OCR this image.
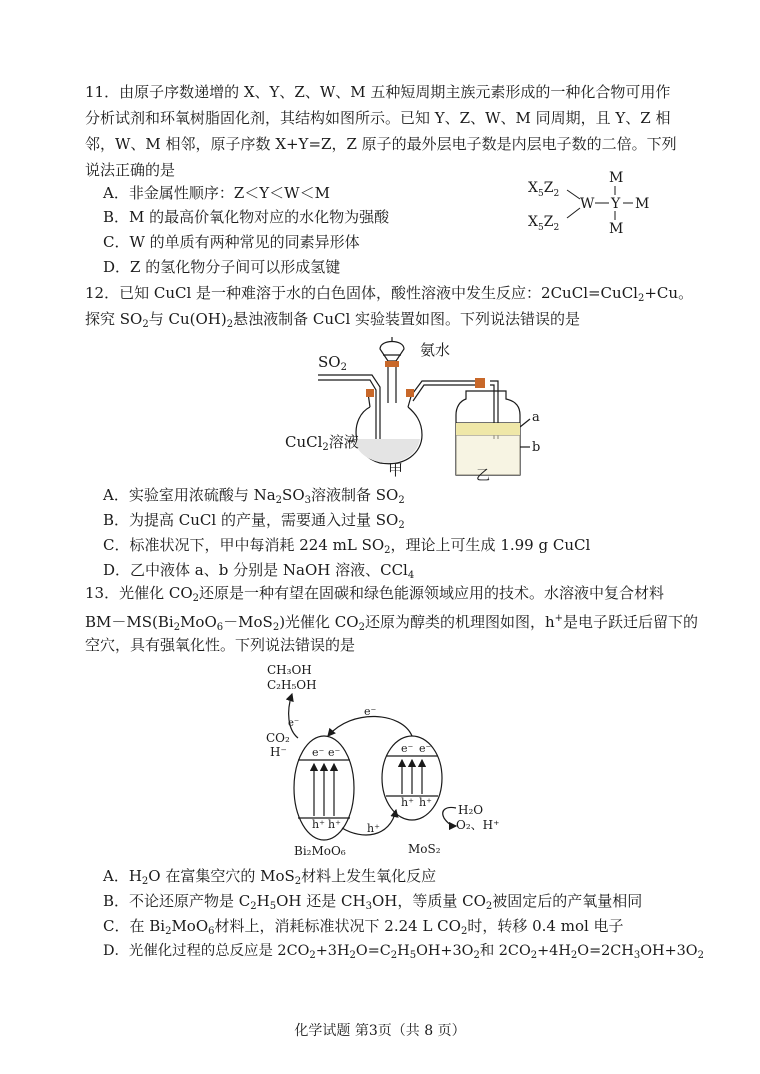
11．由原子序数递增的 X、Y、Z、W、M 五种短周期主族元素形成的一种化合物可用作
分析试剂和环氧树脂固化剂，其结构如图所示。已知 Y、Z、W、M 同周期，且 Y、Z 相
邻，W、M 相邻，原子序数 X+Y=Z，Z 原子的最外层电子数是内层电子数的二倍。下列
说法正确的是
A．非金属性顺序：Z＜Y＜W＜M
B．M 的最高价氧化物对应的水化物为强酸
C．W 的单质有两种常见的同素异形体
D．Z 的氢化物分子间可以形成氢键
$X_5Z_2$
$X_5Z_2$
W Y
M
M
M
12．已知 CuCl 是一种难溶于水的白色固体，酸性溶液中发生反应：2CuCl=CuCl$_2$+Cu。
探究 $SO_2$与 $Cu(OH)_2$悬浊液制备 CuCl 实验装置如图。下列说法错误的是
$SO_2$
氨水
CuCl$_2$溶液
甲	乙
a
b
A．实验室用浓硫酸与 $Na_2SO_3$溶液制备 $SO_2$
B．为提高 CuCl 的产量，需要通入过量 $SO_2$
C．标准状况下，甲中每消耗 224 mL $SO_2$，理论上可生成 1.99 g CuCl
D．乙中液体 a、b 分别是 NaOH 溶液、CCl$_4$
13．光催化 $CO_2$还原是一种有望在固碳和绿色能源领域应用的技术。水溶液中复合材料
$BM-MS(Bi_2MoO_6-MoS_2)$光催化 $CO_2$还原为醇类的机理图如图，h+是电子跃迁后留下的
空穴，具有强氧化性。下列说法错误的是
CH₃OH
C₂H₅OH
CO₂
H⁻
e⁻
e⁻
e⁻ e⁻	e⁻ e⁻
h⁺ h⁺
h⁺ h⁺
h⁺
Bi₂MoO₆	MoS₂
H₂O
O₂、H⁺
A．$H_2O$ 在富集空穴的 MoS$_2$材料上发生氧化反应
B．不论还原产物是 $C_2H_5OH$ 还是 $CH_3OH$，等质量 $CO_2$被固定后的产氧量相同
C．在 $Bi_2MoO_6$材料上，消耗标准状况下 2.24 L $CO_2$时，转移 0.4 mol 电子
D．光催化过程的总反应是 $2CO_2+3H_2O=C_2H_5OH+3O_2$和 $2CO_2+4H_2O=2CH_3OH+3O_2$
化学试题 第3页（共 8 页）
